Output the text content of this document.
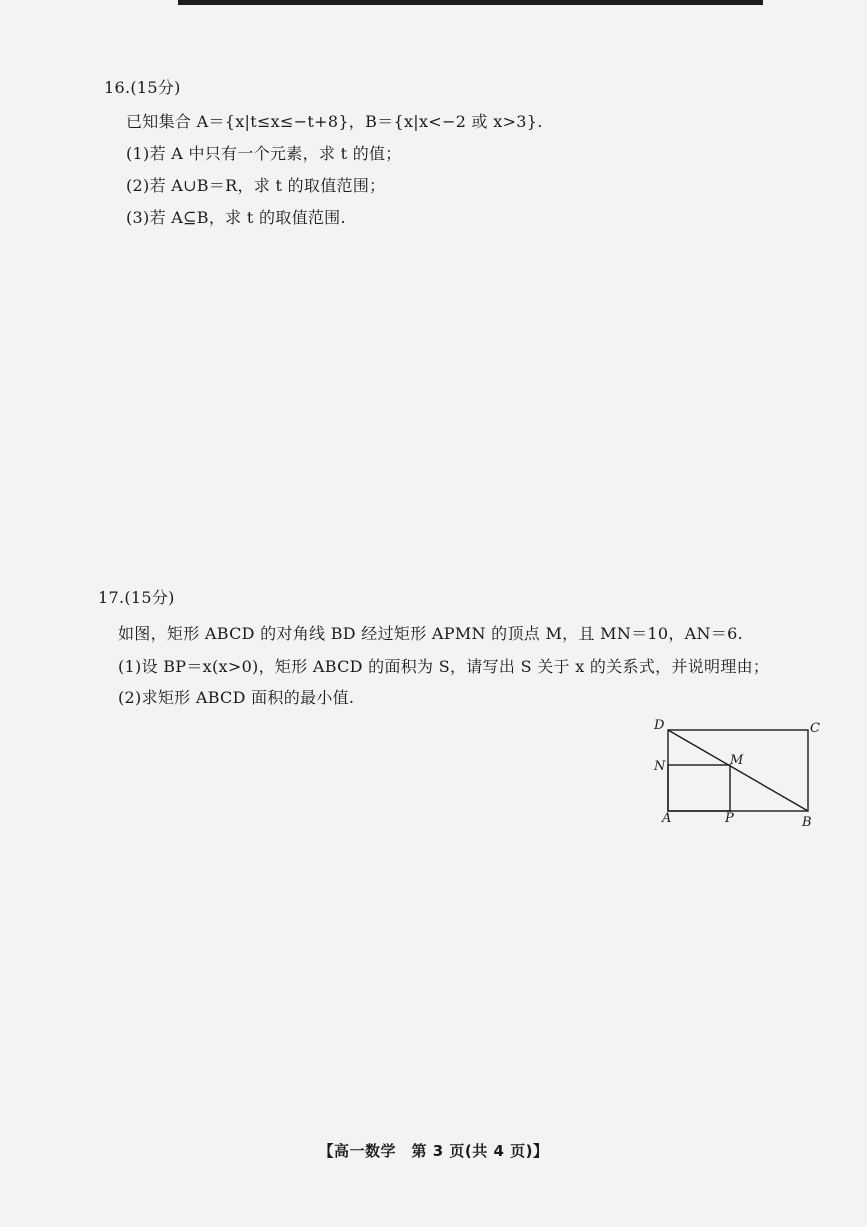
16.(15分)
已知集合 A＝{x|t≤x≤−t+8}，B＝{x|x<−2 或 x>3}.
(1)若 A 中只有一个元素，求 t 的值；
(2)若 A∪B＝R，求 t 的取值范围；
(3)若 A⊆B，求 t 的取值范围.
17.(15分)
如图，矩形 ABCD 的对角线 BD 经过矩形 APMN 的顶点 M，且 MN＝10，AN＝6.
(1)设 BP＝x(x>0)，矩形 ABCD 的面积为 S，请写出 S 关于 x 的关系式，并说明理由；
(2)求矩形 ABCD 面积的最小值.
D	C
N	M
A	P	B
【高一数学　第 3 页(共 4 页)】
